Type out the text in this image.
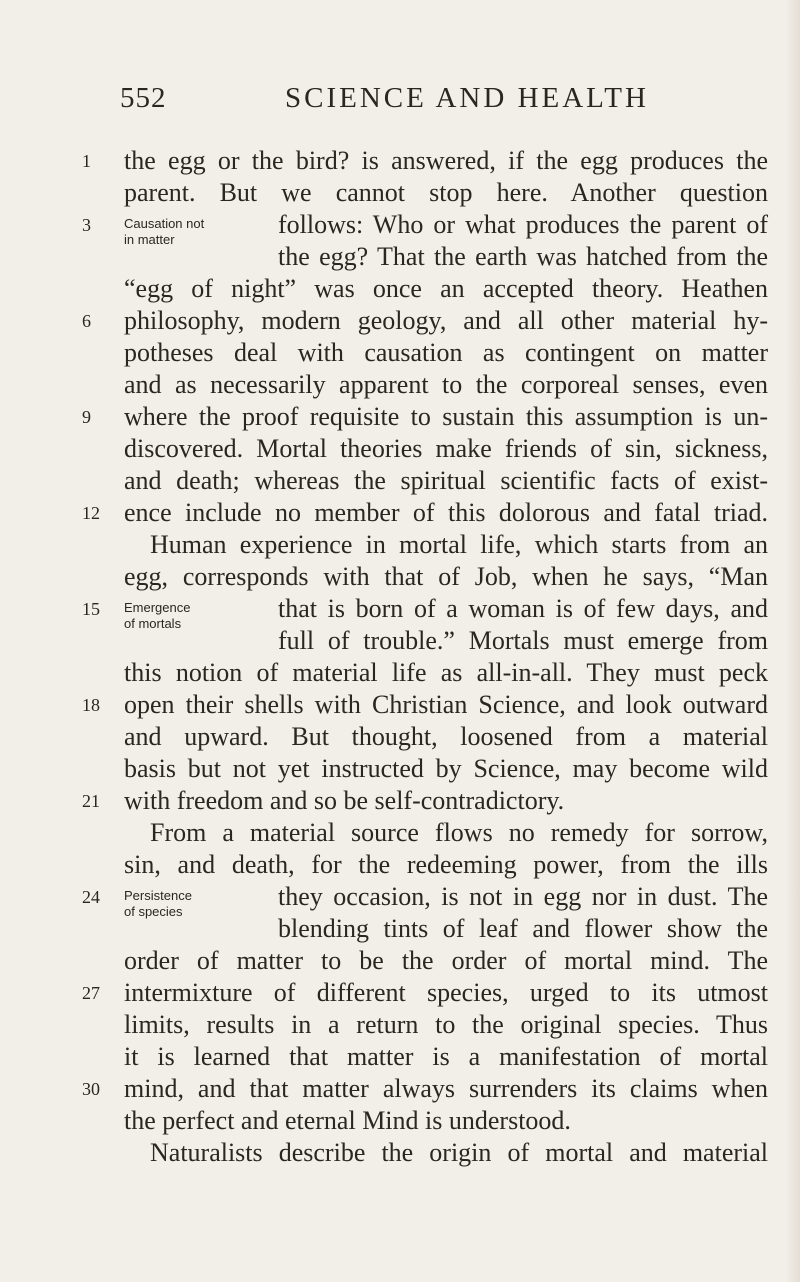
552	SCIENCE AND HEALTH
the egg or the bird? is answered, if the egg produces the
parent. But we cannot stop here. Another question
follows: Who or what produces the parent of
the egg? That the earth was hatched from the
“egg of night” was once an accepted theory. Heathen
philosophy, modern geology, and all other material hy-
potheses deal with causation as contingent on matter
and as necessarily apparent to the corporeal senses, even
where the proof requisite to sustain this assumption is un-
discovered. Mortal theories make friends of sin, sickness,
and death; whereas the spiritual scientific facts of exist-
ence include no member of this dolorous and fatal triad.
Human experience in mortal life, which starts from an
egg, corresponds with that of Job, when he says, “Man
that is born of a woman is of few days, and
full of trouble.” Mortals must emerge from
this notion of material life as all-in-all. They must peck
open their shells with Christian Science, and look outward
and upward. But thought, loosened from a material
basis but not yet instructed by Science, may become wild
with freedom and so be self-contradictory.
From a material source flows no remedy for sorrow,
sin, and death, for the redeeming power, from the ills
they occasion, is not in egg nor in dust. The
blending tints of leaf and flower show the
order of matter to be the order of mortal mind. The
intermixture of different species, urged to its utmost
limits, results in a return to the original species. Thus
it is learned that matter is a manifestation of mortal
mind, and that matter always surrenders its claims when
the perfect and eternal Mind is understood.
Naturalists describe the origin of mortal and material
1
3
6
9
12
15
18
21
24
27
30
Causation not
in matter
Emergence
of mortals
Persistence
of species
